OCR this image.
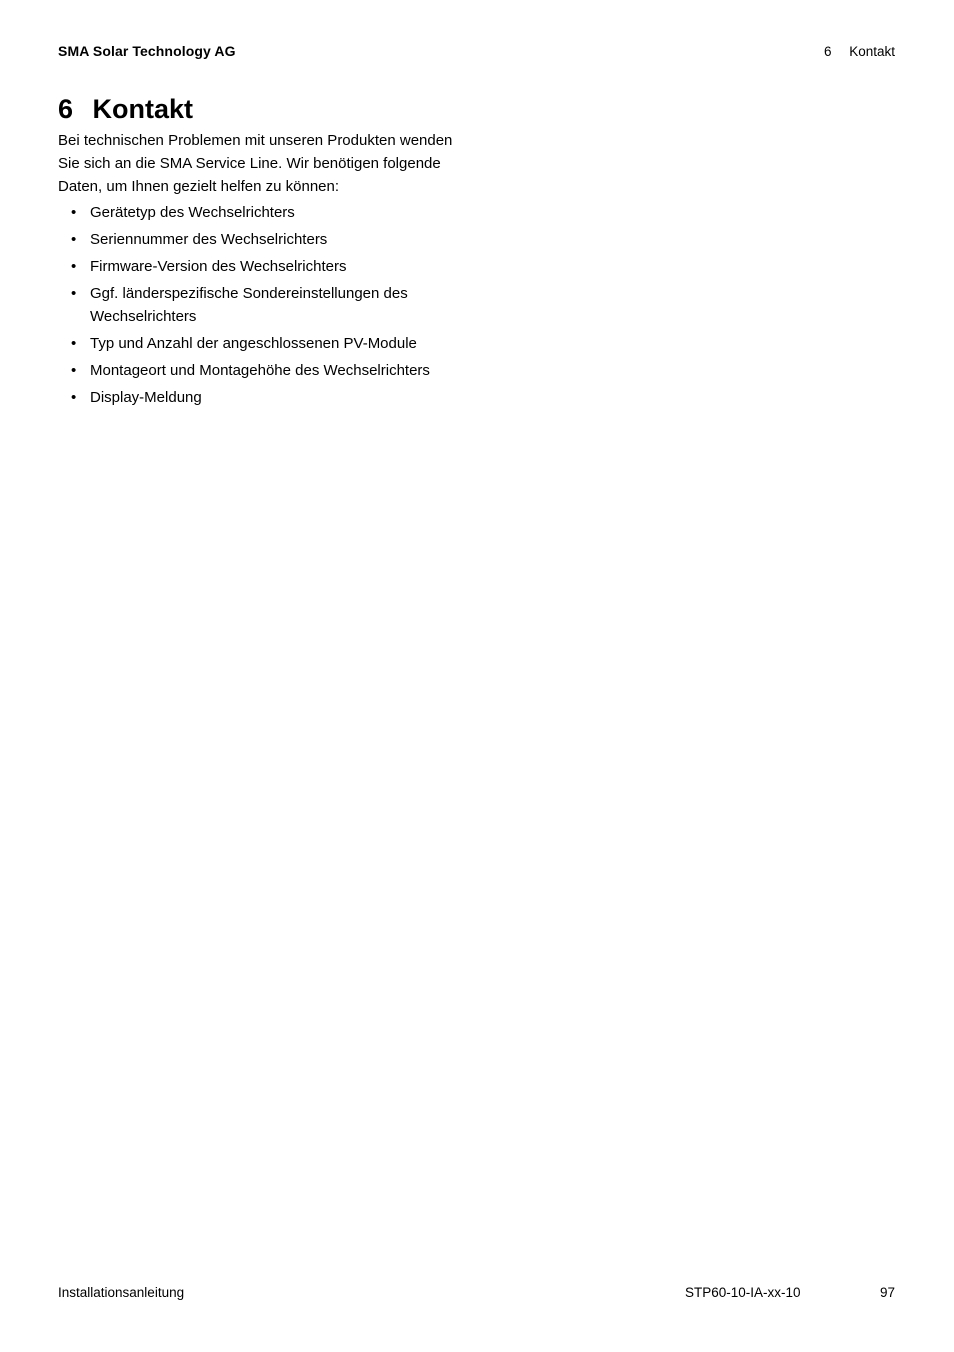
SMA Solar Technology AG	6 Kontakt
6 Kontakt

Bei technischen Problemen mit unseren Produkten wenden Sie sich an die SMA Service Line. Wir benötigen folgende Daten, um Ihnen gezielt helfen zu können:

• Gerätetyp des Wechselrichters
• Seriennummer des Wechselrichters
• Firmware-Version des Wechselrichters
• Ggf. länderspezifische Sondereinstellungen des Wechselrichters
• Typ und Anzahl der angeschlossenen PV-Module
• Montageort und Montagehöhe des Wechselrichters
• Display-Meldung
Installationsanleitung	STP60-10-IA-xx-10	97
